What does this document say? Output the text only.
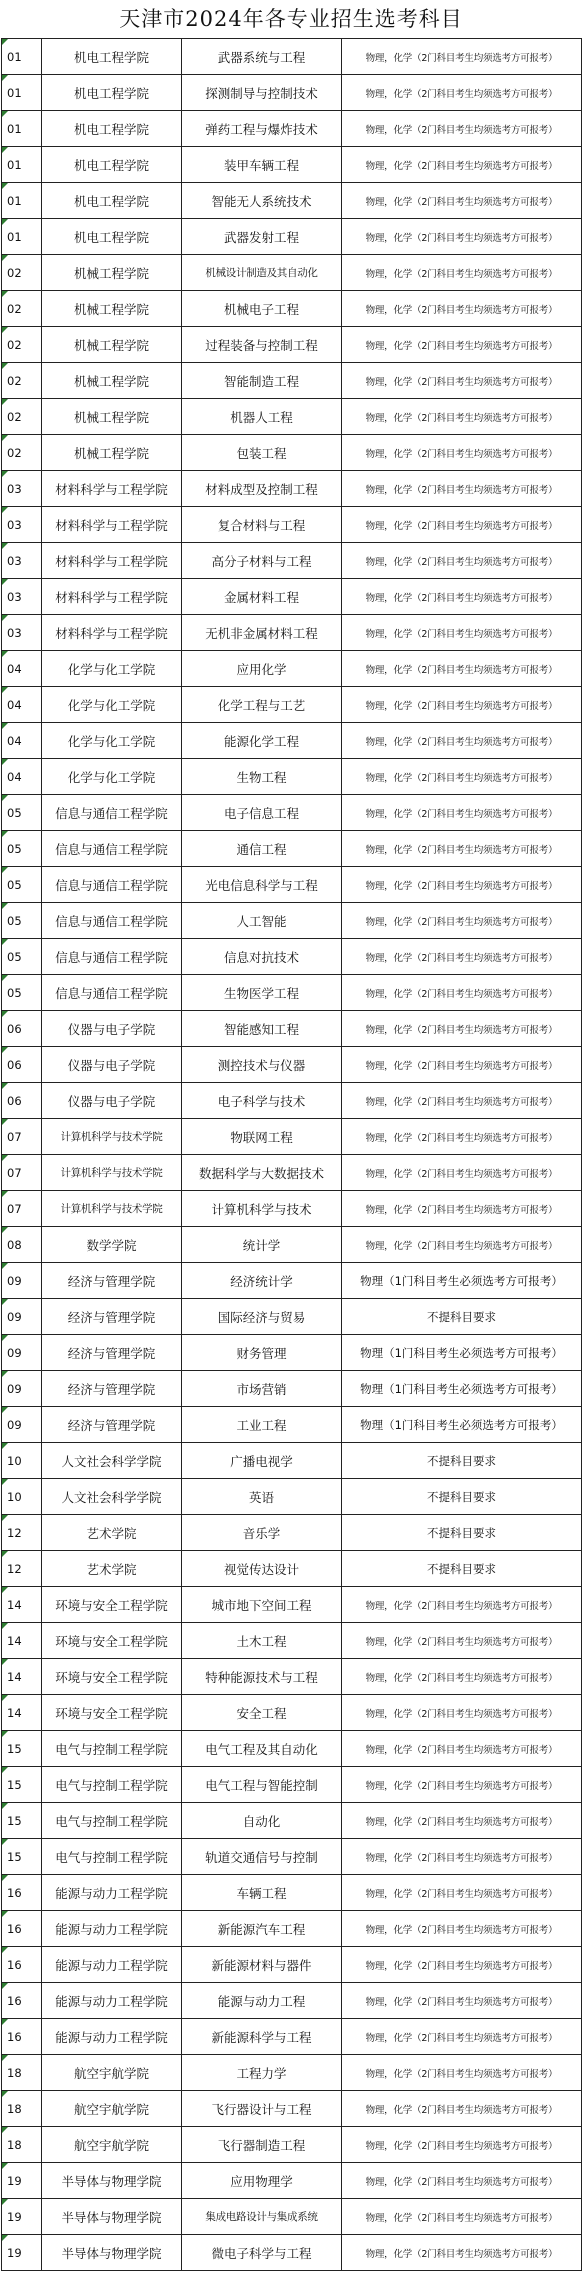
天津市2024年各专业招生选考科目
01	机电工程学院	武器系统与工程	物理，化学（2门科目考生均须选考方可报考）
01	机电工程学院	探测制导与控制技术	物理，化学（2门科目考生均须选考方可报考）
01	机电工程学院	弹药工程与爆炸技术	物理，化学（2门科目考生均须选考方可报考）
01	机电工程学院	装甲车辆工程	物理，化学（2门科目考生均须选考方可报考）
01	机电工程学院	智能无人系统技术	物理，化学（2门科目考生均须选考方可报考）
01	机电工程学院	武器发射工程	物理，化学（2门科目考生均须选考方可报考）
02	机械工程学院	机械设计制造及其自动化	物理，化学（2门科目考生均须选考方可报考）
02	机械工程学院	机械电子工程	物理，化学（2门科目考生均须选考方可报考）
02	机械工程学院	过程装备与控制工程	物理，化学（2门科目考生均须选考方可报考）
02	机械工程学院	智能制造工程	物理，化学（2门科目考生均须选考方可报考）
02	机械工程学院	机器人工程	物理，化学（2门科目考生均须选考方可报考）
02	机械工程学院	包装工程	物理，化学（2门科目考生均须选考方可报考）
03	材料科学与工程学院	材料成型及控制工程	物理，化学（2门科目考生均须选考方可报考）
03	材料科学与工程学院	复合材料与工程	物理，化学（2门科目考生均须选考方可报考）
03	材料科学与工程学院	高分子材料与工程	物理，化学（2门科目考生均须选考方可报考）
03	材料科学与工程学院	金属材料工程	物理，化学（2门科目考生均须选考方可报考）
03	材料科学与工程学院	无机非金属材料工程	物理，化学（2门科目考生均须选考方可报考）
04	化学与化工学院	应用化学	物理，化学（2门科目考生均须选考方可报考）
04	化学与化工学院	化学工程与工艺	物理，化学（2门科目考生均须选考方可报考）
04	化学与化工学院	能源化学工程	物理，化学（2门科目考生均须选考方可报考）
04	化学与化工学院	生物工程	物理，化学（2门科目考生均须选考方可报考）
05	信息与通信工程学院	电子信息工程	物理，化学（2门科目考生均须选考方可报考）
05	信息与通信工程学院	通信工程	物理，化学（2门科目考生均须选考方可报考）
05	信息与通信工程学院	光电信息科学与工程	物理，化学（2门科目考生均须选考方可报考）
05	信息与通信工程学院	人工智能	物理，化学（2门科目考生均须选考方可报考）
05	信息与通信工程学院	信息对抗技术	物理，化学（2门科目考生均须选考方可报考）
05	信息与通信工程学院	生物医学工程	物理，化学（2门科目考生均须选考方可报考）
06	仪器与电子学院	智能感知工程	物理，化学（2门科目考生均须选考方可报考）
06	仪器与电子学院	测控技术与仪器	物理，化学（2门科目考生均须选考方可报考）
06	仪器与电子学院	电子科学与技术	物理，化学（2门科目考生均须选考方可报考）
07	计算机科学与技术学院	物联网工程	物理，化学（2门科目考生均须选考方可报考）
07	计算机科学与技术学院	数据科学与大数据技术	物理，化学（2门科目考生均须选考方可报考）
07	计算机科学与技术学院	计算机科学与技术	物理，化学（2门科目考生均须选考方可报考）
08	数学学院	统计学	物理，化学（2门科目考生均须选考方可报考）
09	经济与管理学院	经济统计学	物理（1门科目考生必须选考方可报考）
09	经济与管理学院	国际经济与贸易	不提科目要求
09	经济与管理学院	财务管理	物理（1门科目考生必须选考方可报考）
09	经济与管理学院	市场营销	物理（1门科目考生必须选考方可报考）
09	经济与管理学院	工业工程	物理（1门科目考生必须选考方可报考）
10	人文社会科学学院	广播电视学	不提科目要求
10	人文社会科学学院	英语	不提科目要求
12	艺术学院	音乐学	不提科目要求
12	艺术学院	视觉传达设计	不提科目要求
14	环境与安全工程学院	城市地下空间工程	物理，化学（2门科目考生均须选考方可报考）
14	环境与安全工程学院	土木工程	物理，化学（2门科目考生均须选考方可报考）
14	环境与安全工程学院	特种能源技术与工程	物理，化学（2门科目考生均须选考方可报考）
14	环境与安全工程学院	安全工程	物理，化学（2门科目考生均须选考方可报考）
15	电气与控制工程学院	电气工程及其自动化	物理，化学（2门科目考生均须选考方可报考）
15	电气与控制工程学院	电气工程与智能控制	物理，化学（2门科目考生均须选考方可报考）
15	电气与控制工程学院	自动化	物理，化学（2门科目考生均须选考方可报考）
15	电气与控制工程学院	轨道交通信号与控制	物理，化学（2门科目考生均须选考方可报考）
16	能源与动力工程学院	车辆工程	物理，化学（2门科目考生均须选考方可报考）
16	能源与动力工程学院	新能源汽车工程	物理，化学（2门科目考生均须选考方可报考）
16	能源与动力工程学院	新能源材料与器件	物理，化学（2门科目考生均须选考方可报考）
16	能源与动力工程学院	能源与动力工程	物理，化学（2门科目考生均须选考方可报考）
16	能源与动力工程学院	新能源科学与工程	物理，化学（2门科目考生均须选考方可报考）
18	航空宇航学院	工程力学	物理，化学（2门科目考生均须选考方可报考）
18	航空宇航学院	飞行器设计与工程	物理，化学（2门科目考生均须选考方可报考）
18	航空宇航学院	飞行器制造工程	物理，化学（2门科目考生均须选考方可报考）
19	半导体与物理学院	应用物理学	物理，化学（2门科目考生均须选考方可报考）
19	半导体与物理学院	集成电路设计与集成系统	物理，化学（2门科目考生均须选考方可报考）
19	半导体与物理学院	微电子科学与工程	物理，化学（2门科目考生均须选考方可报考）
